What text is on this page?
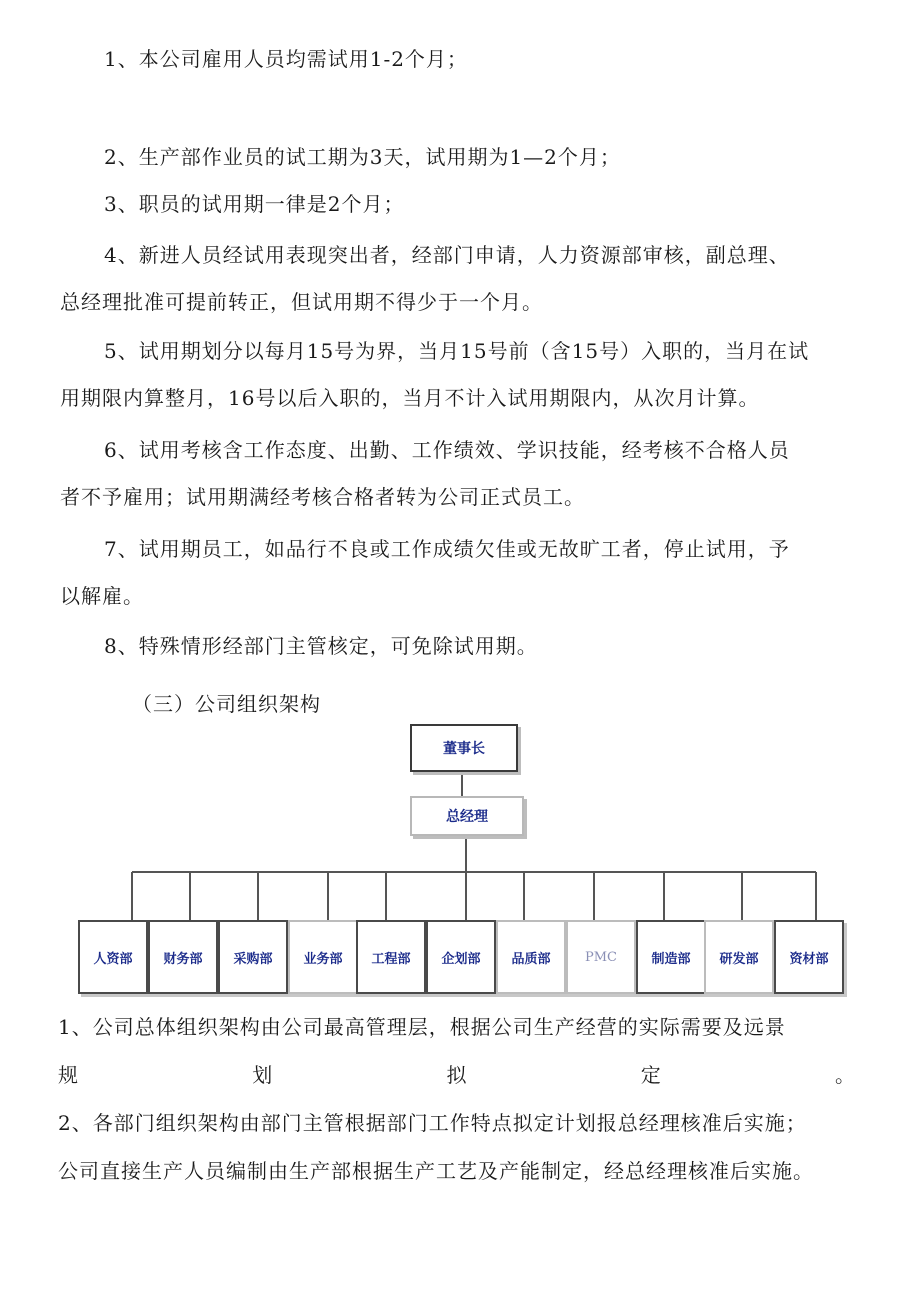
1、本公司雇用人员均需试用1-2个月；

2、生产部作业员的试工期为3天，试用期为1—2个月；

3、职员的试用期一律是2个月；

4、新进人员经试用表现突出者，经部门申请，人力资源部审核，副总理、

总经理批准可提前转正，但试用期不得少于一个月。

5、试用期划分以每月15号为界，当月15号前（含15号）入职的，当月在试

用期限内算整月，16号以后入职的，当月不计入试用期限内，从次月计算。

6、试用考核含工作态度、出勤、工作绩效、学识技能，经考核不合格人员

者不予雇用；试用期满经考核合格者转为公司正式员工。

7、试用期员工，如品行不良或工作成绩欠佳或无故旷工者，停止试用，予

以解雇。

8、特殊情形经部门主管核定，可免除试用期。

（三）公司组织架构
董事长
总经理
人资部 财务部 采购部 业务部 工程部 企划部 品质部	PMC	制造部 研发部 资材部

1、公司总体组织架构由公司最高管理层，根据公司生产经营的实际需要及远景

规	划	拟	定	。

2、各部门组织架构由部门主管根据部门工作特点拟定计划报总经理核准后实施；

公司直接生产人员编制由生产部根据生产工艺及产能制定，经总经理核准后实施。
